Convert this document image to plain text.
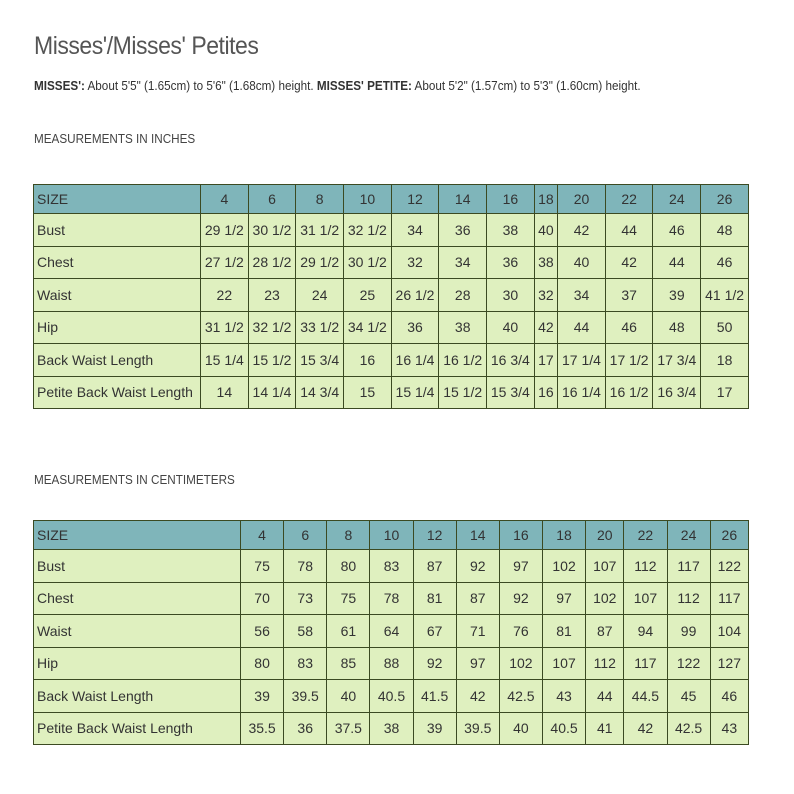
Misses'/Misses' Petites
MISSES': About 5'5" (1.65cm) to 5'6" (1.68cm) height. MISSES' PETITE: About 5'2" (1.57cm) to 5'3" (1.60cm) height.
MEASUREMENTS IN INCHES
SIZE	4	6	8	10	12	14	16	18	20	22	24	26
Bust	29 1/2	30 1/2	31 1/2	32 1/2	34	36	38	40	42	44	46	48
Chest	27 1/2	28 1/2	29 1/2	30 1/2	32	34	36	38	40	42	44	46
Waist	22	23	24	25	26 1/2	28	30	32	34	37	39	41 1/2
Hip	31 1/2	32 1/2	33 1/2	34 1/2	36	38	40	42	44	46	48	50
Back Waist Length	15 1/4	15 1/2	15 3/4	16	16 1/4	16 1/2	16 3/4	17	17 1/4	17 1/2	17 3/4	18
Petite Back Waist Length	14	14 1/4	14 3/4	15	15 1/4	15 1/2	15 3/4	16	16 1/4	16 1/2	16 3/4	17
MEASUREMENTS IN CENTIMETERS
SIZE	4	6	8	10	12	14	16	18	20	22	24	26
Bust	75	78	80	83	87	92	97	102	107	112	117	122
Chest	70	73	75	78	81	87	92	97	102	107	112	117
Waist	56	58	61	64	67	71	76	81	87	94	99	104
Hip	80	83	85	88	92	97	102	107	112	117	122	127
Back Waist Length	39	39.5	40	40.5	41.5	42	42.5	43	44	44.5	45	46
Petite Back Waist Length	35.5	36	37.5	38	39	39.5	40	40.5	41	42	42.5	43
